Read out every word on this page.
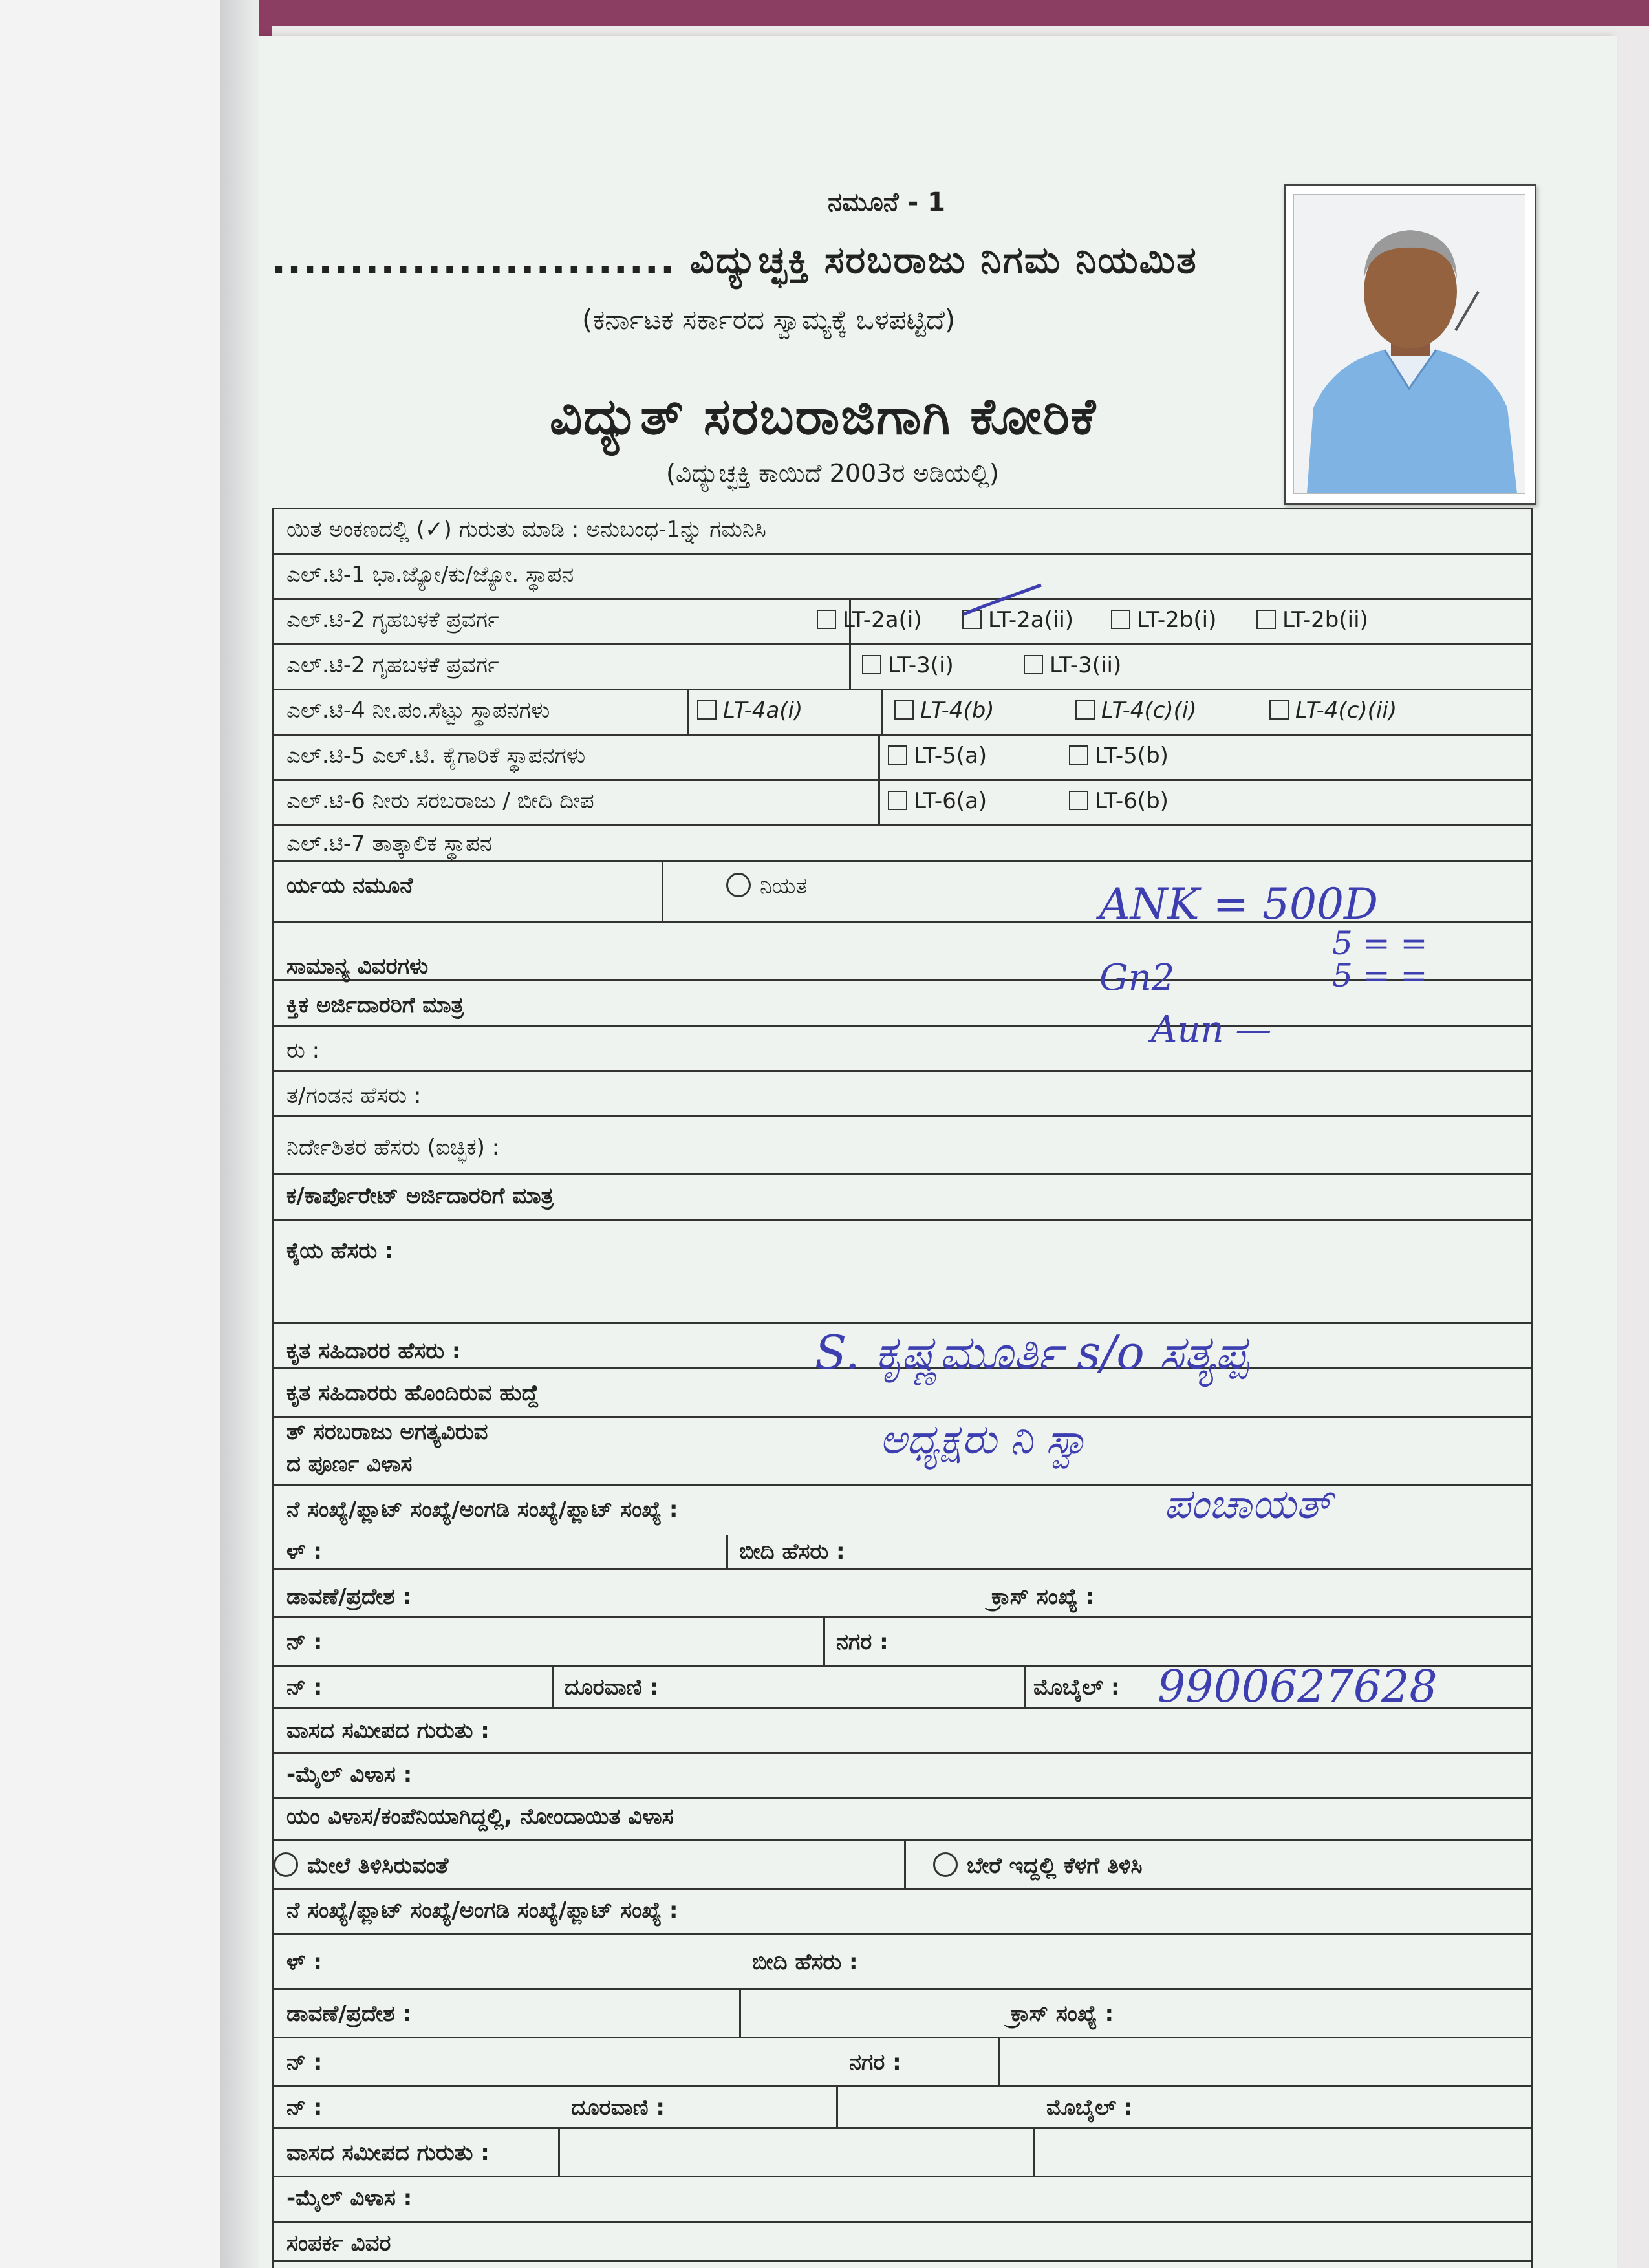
ನಮೂನೆ - 1
.......................... ವಿದ್ಯುಚ್ಛಕ್ತಿ ಸರಬರಾಜು ನಿಗಮ ನಿಯಮಿತ
(ಕರ್ನಾಟಕ ಸರ್ಕಾರದ ಸ್ವಾಮ್ಯಕ್ಕೆ ಒಳಪಟ್ಟಿದೆ)
ವಿದ್ಯುತ್ ಸರಬರಾಜಿಗಾಗಿ ಕೋರಿಕೆ
(ವಿದ್ಯುಚ್ಛಕ್ತಿ ಕಾಯಿದೆ 2003ರ ಅಡಿಯಲ್ಲಿ)
ಯಿತ ಅಂಕಣದಲ್ಲಿ (✓) ಗುರುತು ಮಾಡಿ : ಅನುಬಂಧ-1ನ್ನು ಗಮನಿಸಿ
ಎಲ್.ಟಿ-1 ಭಾ.ಜ್ಯೋ/ಕು/ಜ್ಯೋ. ಸ್ಥಾಪನ
ಎಲ್.ಟಿ-2 ಗೃಹಬಳಕೆ ಪ್ರವರ್ಗ	LT-2a(i)	LT-2a(ii)	LT-2b(i)	LT-2b(ii)
ಎಲ್.ಟಿ-2 ಗೃಹಬಳಕೆ ಪ್ರವರ್ಗ	LT-3(i)	LT-3(ii)
ಎಲ್.ಟಿ-4 ನೀ.ಪಂ.ಸೆಟ್ಟು ಸ್ಥಾಪನಗಳು	LT-4a(i)	LT-4(b)	LT-4(c)(i)	LT-4(c)(ii)
ಎಲ್.ಟಿ-5 ಎಲ್.ಟಿ. ಕೈಗಾರಿಕೆ ಸ್ಥಾಪನಗಳು	LT-5(a)	LT-5(b)
ಎಲ್.ಟಿ-6 ನೀರು ಸರಬರಾಜು / ಬೀದಿ ದೀಪ	LT-6(a)	LT-6(b)
ಎಲ್.ಟಿ-7 ತಾತ್ಕಾಲಿಕ ಸ್ಥಾಪನ
ರ್ಯಯ ನಮೂನೆ	ನಿಯತ
ಸಾಮಾನ್ಯ ವಿವರಗಳು
ಕ್ತಿಕ ಅರ್ಜಿದಾರರಿಗೆ ಮಾತ್ರ
ರು :
ತ/ಗಂಡನ ಹೆಸರು :
ನಿರ್ದೇಶಿತರ ಹೆಸರು (ಐಚ್ಛಿಕ) :
ಕ/ಕಾರ್ಪೊರೇಟ್ ಅರ್ಜಿದಾರರಿಗೆ ಮಾತ್ರ
ಕೈಯ ಹೆಸರು :
ಕೃತ ಸಹಿದಾರರ ಹೆಸರು :
ಕೃತ ಸಹಿದಾರರು ಹೊಂದಿರುವ ಹುದ್ದೆ
ತ್ ಸರಬರಾಜು ಅಗತ್ಯವಿರುವ
ದ ಪೂರ್ಣ ವಿಳಾಸ
ನೆ ಸಂಖ್ಯೆ/ಫ್ಲಾಟ್ ಸಂಖ್ಯೆ/ಅಂಗಡಿ ಸಂಖ್ಯೆ/ಫ್ಲಾಟ್ ಸಂಖ್ಯೆ :
ಳ್ :	ಬೀದಿ ಹೆಸರು :
ಡಾವಣೆ/ಪ್ರದೇಶ :	ಕ್ರಾಸ್ ಸಂಖ್ಯೆ :
ನ್ :	ನಗರ :
ನ್ :	ದೂರವಾಣಿ :	ಮೊಬೈಲ್ :
ವಾಸದ ಸಮೀಪದ ಗುರುತು :
-ಮೈಲ್ ವಿಳಾಸ :
ಯಂ ವಿಳಾಸ/ಕಂಪೆನಿಯಾಗಿದ್ದಲ್ಲಿ, ನೋಂದಾಯಿತ ವಿಳಾಸ
ಮೇಲೆ ತಿಳಿಸಿರುವಂತೆ	ಬೇರೆ ಇದ್ದಲ್ಲಿ ಕೆಳಗೆ ತಿಳಿಸಿ
ನೆ ಸಂಖ್ಯೆ/ಫ್ಲಾಟ್ ಸಂಖ್ಯೆ/ಅಂಗಡಿ ಸಂಖ್ಯೆ/ಫ್ಲಾಟ್ ಸಂಖ್ಯೆ :
ಳ್ :	ಬೀದಿ ಹೆಸರು :
ಡಾವಣೆ/ಪ್ರದೇಶ :	ಕ್ರಾಸ್ ಸಂಖ್ಯೆ :
ನ್ :	ನಗರ :
ನ್ :	ದೂರವಾಣಿ :	ಮೊಬೈಲ್ :
ವಾಸದ ಸಮೀಪದ ಗುರುತು :
-ಮೈಲ್ ವಿಳಾಸ :
ಸಂಪರ್ಕ ವಿವರ
ANK = 500D
5 = =
5 = =
Gn2
Aun —
S. ಕೃಷ್ಣಮೂರ್ತಿ s/o ಸತ್ಯಪ್ಪ
ಅಧ್ಯಕ್ಷರು ನಿ ಸ್ವಾ
ಪಂಚಾಯತ್
9900627628
